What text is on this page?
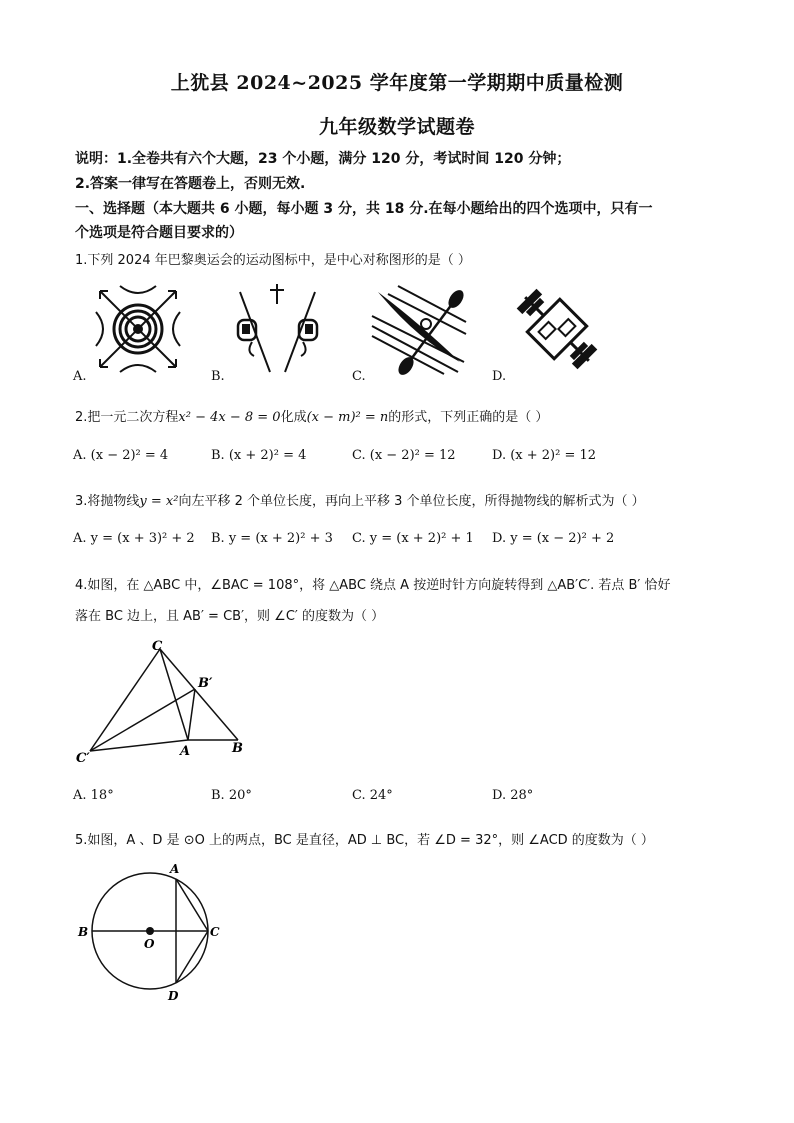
上犹县 2024~2025 学年度第一学期期中质量检测
九年级数学试题卷
说明：1.全卷共有六个大题，23 个小题，满分 120 分，考试时间 120 分钟；
2.答案一律写在答题卷上，否则无效.
一、选择题（本大题共 6 小题，每小题 3 分，共 18 分.在每小题给出的四个选项中，只有一
个选项是符合题目要求的）
1.下列 2024 年巴黎奥运会的运动图标中，是中心对称图形的是（ ）
A.	B.	C.	D.
2.把一元二次方程x² − 4x − 8 = 0化成(x − m)² = n的形式，下列正确的是（ ）
A. (x − 2)² = 4	B. (x + 2)² = 4	C. (x − 2)² = 12	D. (x + 2)² = 12
3.将抛物线y = x²向左平移 2 个单位长度，再向上平移 3 个单位长度，所得抛物线的解析式为（ ）
A. y = (x + 3)² + 2 B. y = (x + 2)² + 3 C. y = (x + 2)² + 1 D. y = (x − 2)² + 2
4.如图，在 △ABC 中，∠BAC = 108°，将 △ABC 绕点 A 按逆时针方向旋转得到 △AB′C′. 若点 B′ 恰好
落在 BC 边上，且 AB′ = CB′，则 ∠C′ 的度数为（ ）
C
B′
C′	A	B
A. 18°	B. 20°	C. 24°	D. 28°
5.如图，A 、D 是 ⊙O 上的两点，BC 是直径，AD ⊥ BC，若 ∠D = 32°，则 ∠ACD 的度数为（ ）
A
B
O
C
D
